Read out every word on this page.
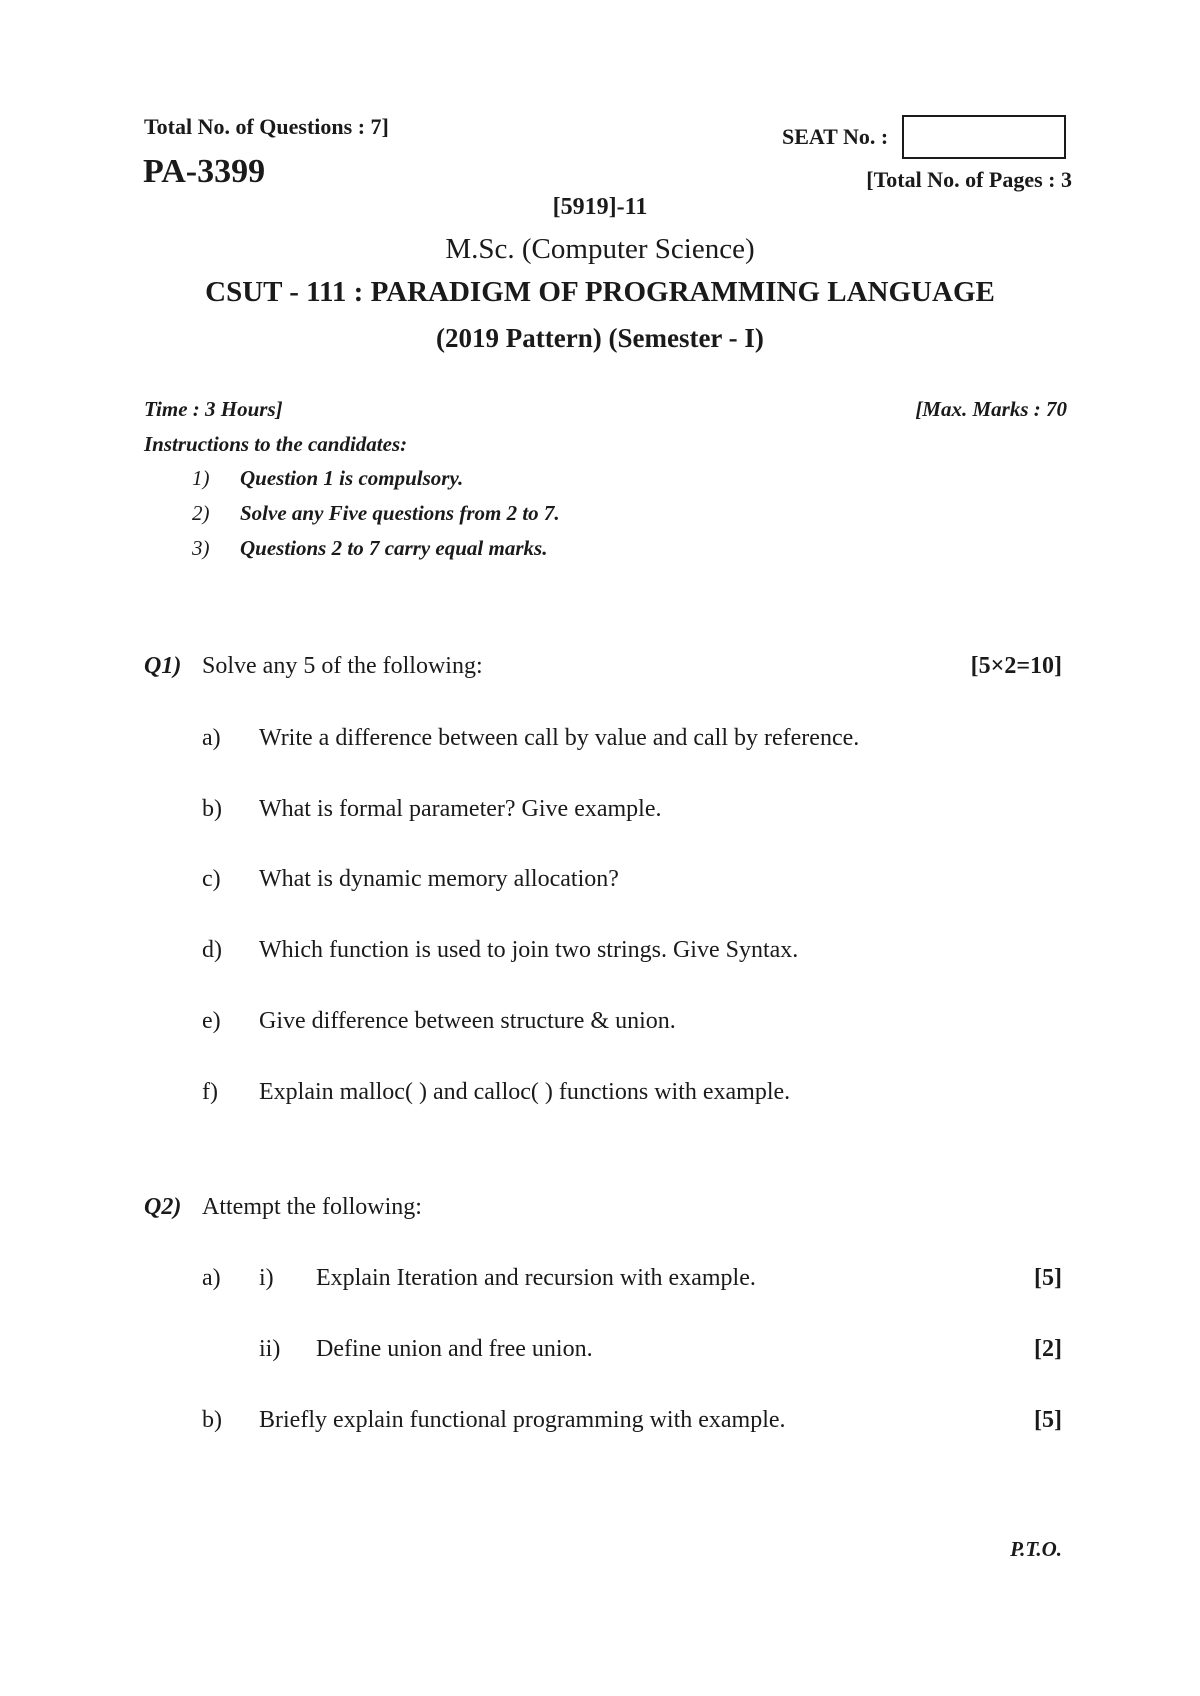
Total No. of Questions : 7]
PA-3399
SEAT No. :
[Total No. of Pages : 3
[5919]-11
M.Sc. (Computer Science)
CSUT - 111 : PARADIGM OF PROGRAMMING LANGUAGE
(2019 Pattern) (Semester - I)
Time : 3 Hours]	[Max. Marks : 70
Instructions to the candidates:
1) Question 1 is compulsory.
2) Solve any Five questions from 2 to 7.
3) Questions 2 to 7 carry equal marks.
Q1) Solve any 5 of the following:	[5×2=10]
a) Write a difference between call by value and call by reference.
b) What is formal parameter? Give example.
c) What is dynamic memory allocation?
d) Which function is used to join two strings. Give Syntax.
e) Give difference between structure & union.
f) Explain malloc( ) and calloc( ) functions with example.
Q2) Attempt the following:
a) i) Explain Iteration and recursion with example.	[5]
ii) Define union and free union.	[2]
b) Briefly explain functional programming with example.	[5]
P.T.O.
